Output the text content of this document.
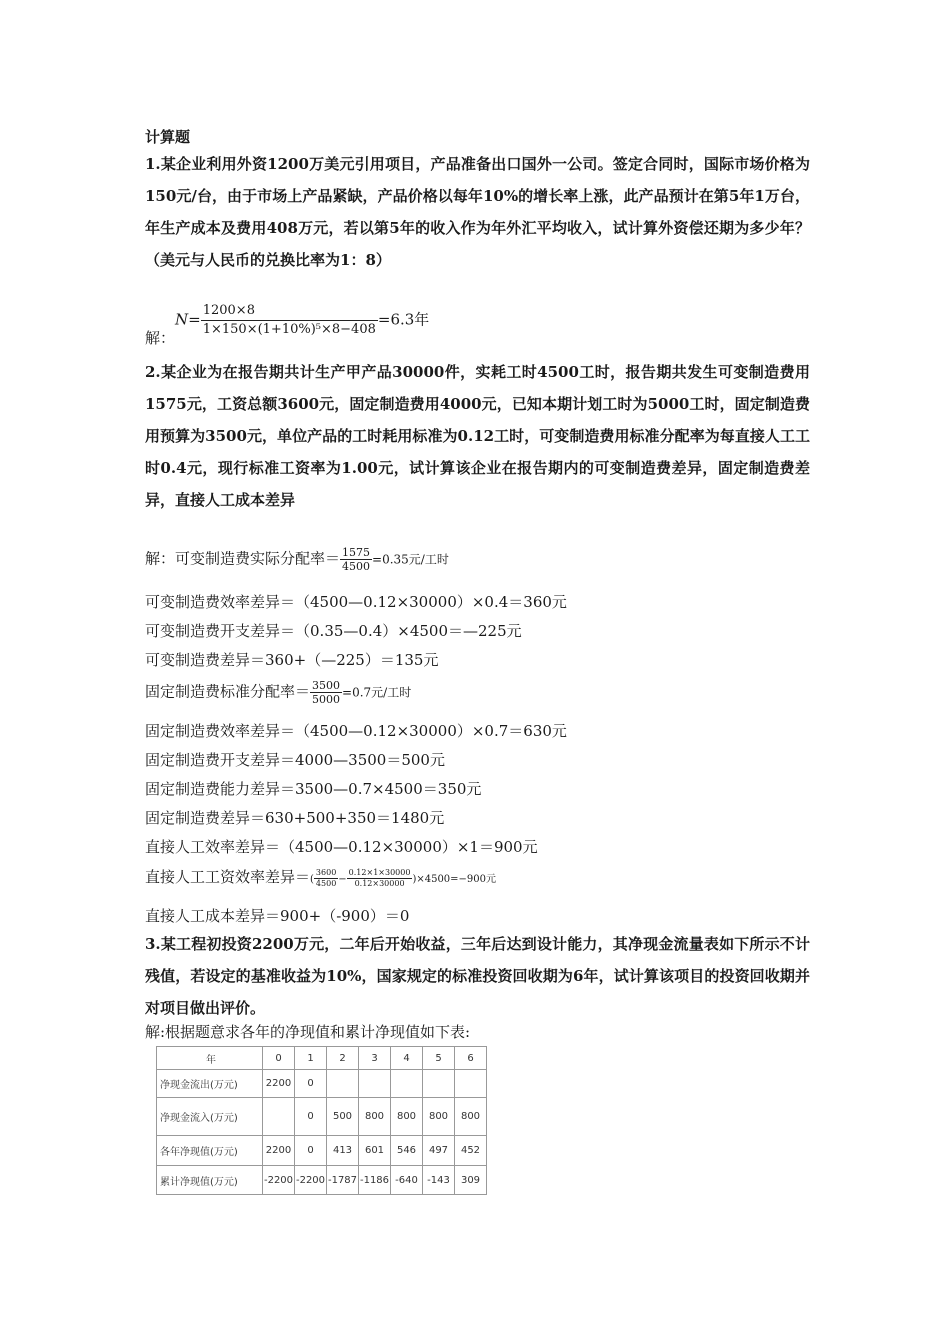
计算题
1.某企业利用外资1200万美元引用项目，产品准备出口国外一公司。签定合同时，国际市场价格为150元/台，由于市场上产品紧缺，产品价格以每年10%的增长率上涨，此产品预计在第5年1万台，年生产成本及费用408万元，若以第5年的收入作为年外汇平均收入，试计算外资偿还期为多少年？（美元与人民币的兑换比率为1：8）
解：$N= \frac{1200\times 8}{\text{1×150×(1+10\%)⁵×8−408}} =6.3$年
2.某企业为在报告期共计生产甲产品30000件，实耗工时4500工时，报告期共发生可变制造费用1575元，工资总额3600元，固定制造费用4000元，已知本期计划工时为5000工时，固定制造费用预算为3500元，单位产品的工时耗用标准为0.12工时，可变制造费用标准分配率为每直接人工工时0.4元，现行标准工资率为1.00元，试计算该企业在报告期内的可变制造费差异，固定制造费差异，直接人工成本差异
解：可变制造费实际分配率＝ $\frac{1575}{4500} =0.35$元/工时
可变制造费效率差异＝（4500—0.12×30000）×0.4＝360元
可变制造费开支差异＝（0.35—0.4）×4500＝—225元
可变制造费差异＝360+（—225）＝135元
固定制造费标准分配率＝ $\frac{3500}{5000} =0.7$元/工时
固定制造费效率差异＝（4500—0.12×30000）×0.7＝630元
固定制造费开支差异＝4000—3500＝500元
固定制造费能力差异＝3500—0.7×4500＝350元
固定制造费差异＝630+500+350＝1480元
直接人工效率差异＝（4500—0.12×30000）×1＝900元
直接人工工资效率差异＝( $\frac{3600}{4500} - \frac{0.12\times 1\times 30000}{0.12\times 30000} )\times 4500=-900$元
直接人工成本差异＝900+（-900）＝0
3.某工程初投资2200万元，二年后开始收益，三年后达到设计能力，其净现金流量表如下所示不计残值，若设定的基准收益为10%，国家规定的标准投资回收期为6年，试计算该项目的投资回收期并对项目做出评价。
解:根据题意求各年的净现值和累计净现值如下表:
年	0	1	2	3	4	5	6
净现金流出(万元)	2200	0					
净现金流入(万元)		0	500	800	800	800	800
各年净现值(万元)	2200	0	413	601	546	497	452
累计净现值(万元)	-2200	-2200	-1787	-1186	-640	-143	309
